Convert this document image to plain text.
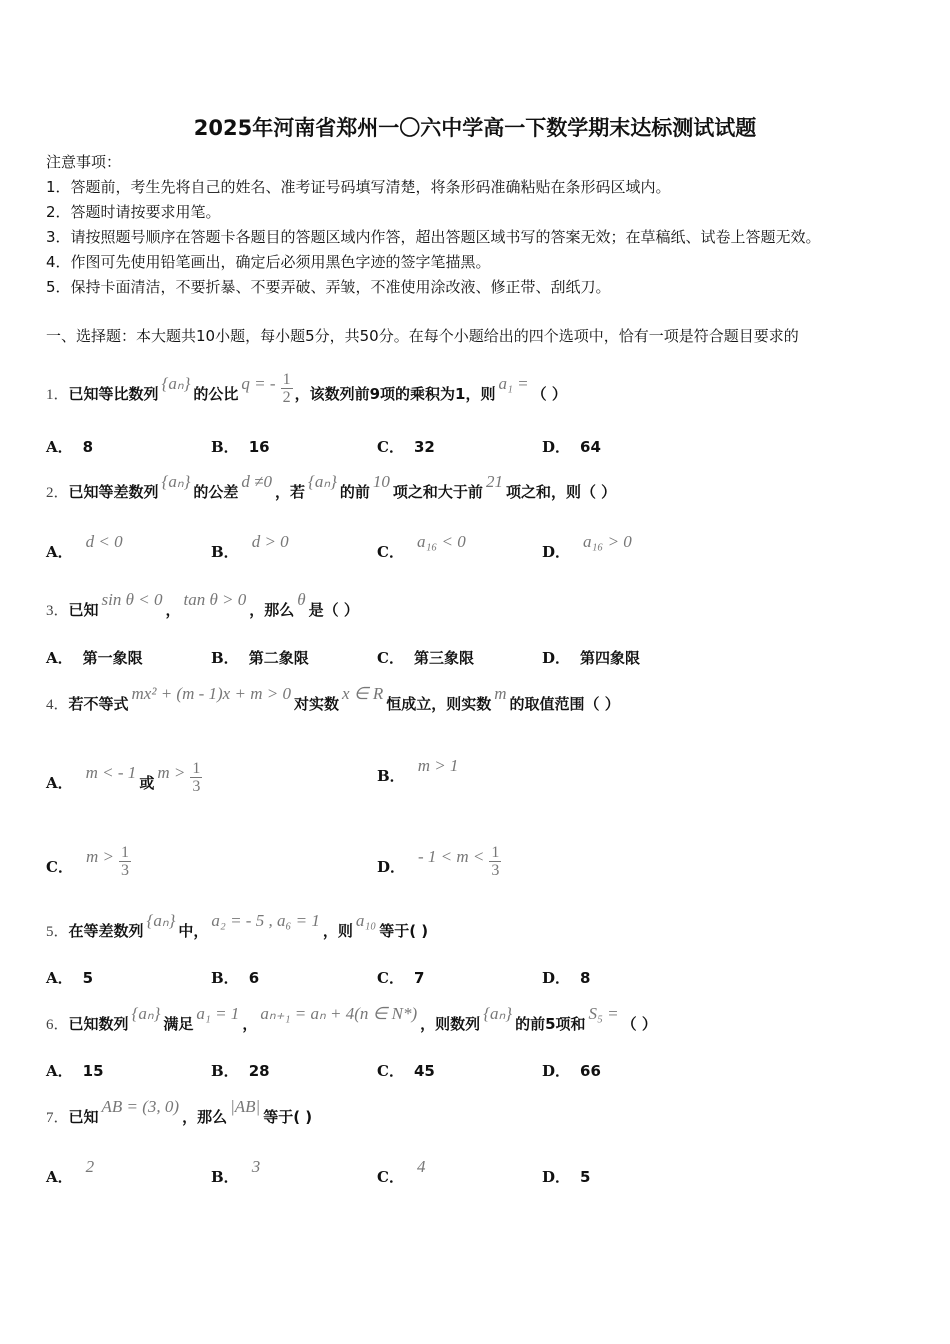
2025年河南省郑州一〇六中学高一下数学期末达标测试试题
注意事项：
1．答题前，考生先将自己的姓名、准考证号码填写清楚，将条形码准确粘贴在条形码区域内。
2．答题时请按要求用笔。
3．请按照题号顺序在答题卡各题目的答题区域内作答，超出答题区域书写的答案无效；在草稿纸、试卷上答题无效。
4．作图可先使用铅笔画出，确定后必须用黑色字迹的签字笔描黑。
5．保持卡面清洁，不要折暴、不要弄破、弄皱，不准使用涂改液、修正带、刮纸刀。
一、选择题：本大题共10小题，每小题5分，共50分。在每个小题给出的四个选项中，恰有一项是符合题目要求的
1．已知等比数列{aₙ}的公比q = - $\frac{1}{2}$ ，该数列前9项的乘积为1，则a₁ =（ ）
A． 8	B． 16	C． 32	D． 64
2．已知等差数列{aₙ}的公差d ≠0，若{aₙ}的前10项之和大于前21项之和，则（ ）
A．d < 0
B．d > 0
C．a₁₆ < 0
D．a₁₆ > 0
3．已知sin θ < 0，tan θ > 0，那么θ是（ ）
A． 第一象限	B． 第二象限	C． 第三象限	D． 第四象限
4．若不等式mx² + (m - 1)x + m > 0对实数x ∈ R恒成立，则实数m的取值范围（ ）
A．m < - 1或$m > \frac{1}{3}$	B．m > 1
C．$m > \frac{1}{3}$	D．- $1 < m < \frac{1}{3}$
5．在等差数列{aₙ}中，a₂ = - 5 , a₆ = 1，则a₁₀等于( )
A． 5	B． 6	C． 7	D． 8
6．已知数列{aₙ}满足a₁ = 1，aₙ₊₁ = aₙ + 4(n ∈ N*)，则数列{aₙ}的前5项和S₅ =（ ）
A． 15	B． 28	C． 45	D． 66
7．已知AB = (3, 0)，那么|AB|等于( )
A．2
B．3
C．4
D． 5
